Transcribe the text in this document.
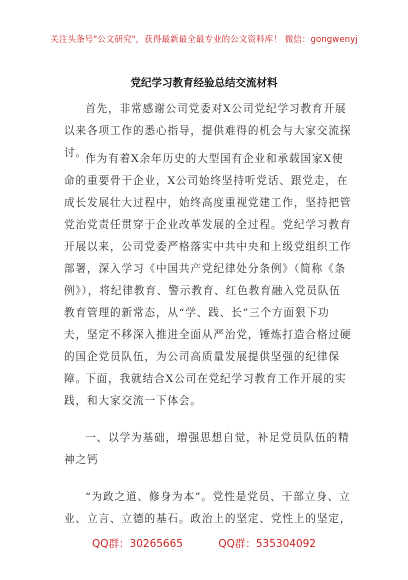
关注头条号"公文研究"，获得最新最全最专业的公文资料库！ 微信：gongwenyj
党纪学习教育经验总结交流材料

首先，非常感谢公司党委对X公司党纪学习教育开展以来各项工作的悉心指导，提供难得的机会与大家交流探讨。

作为有着X余年历史的大型国有企业和承载国家X使命的重要骨干企业，X公司始终坚持听党话、跟党走，在成长发展壮大过程中，始终高度重视党建工作，坚持把管党治党责任贯穿于企业改革发展的全过程。党纪学习教育开展以来，公司党委严格落实中共中央和上级党组织工作部署，深入学习《中国共产党纪律处分条例》（简称《条例》），将纪律教育、警示教育、红色教育融入党员队伍教育管理的新常态，从“学、践、长”三个方面狠下功夫，坚定不移深入推进全面从严治党，锤炼打造合格过硬的国企党员队伍，为公司高质量发展提供坚强的纪律保障。

下面，我就结合X公司在党纪学习教育工作开展的实践，和大家交流一下体会。

一、以学为基础，增强思想自觉，补足党员队伍的精神之钙

“为政之道、修身为本”。党性是党员、干部立身、立业、立言、立德的基石。政治上的坚定、党性上的坚定，

QQ群：30265665	QQ群：535304092
